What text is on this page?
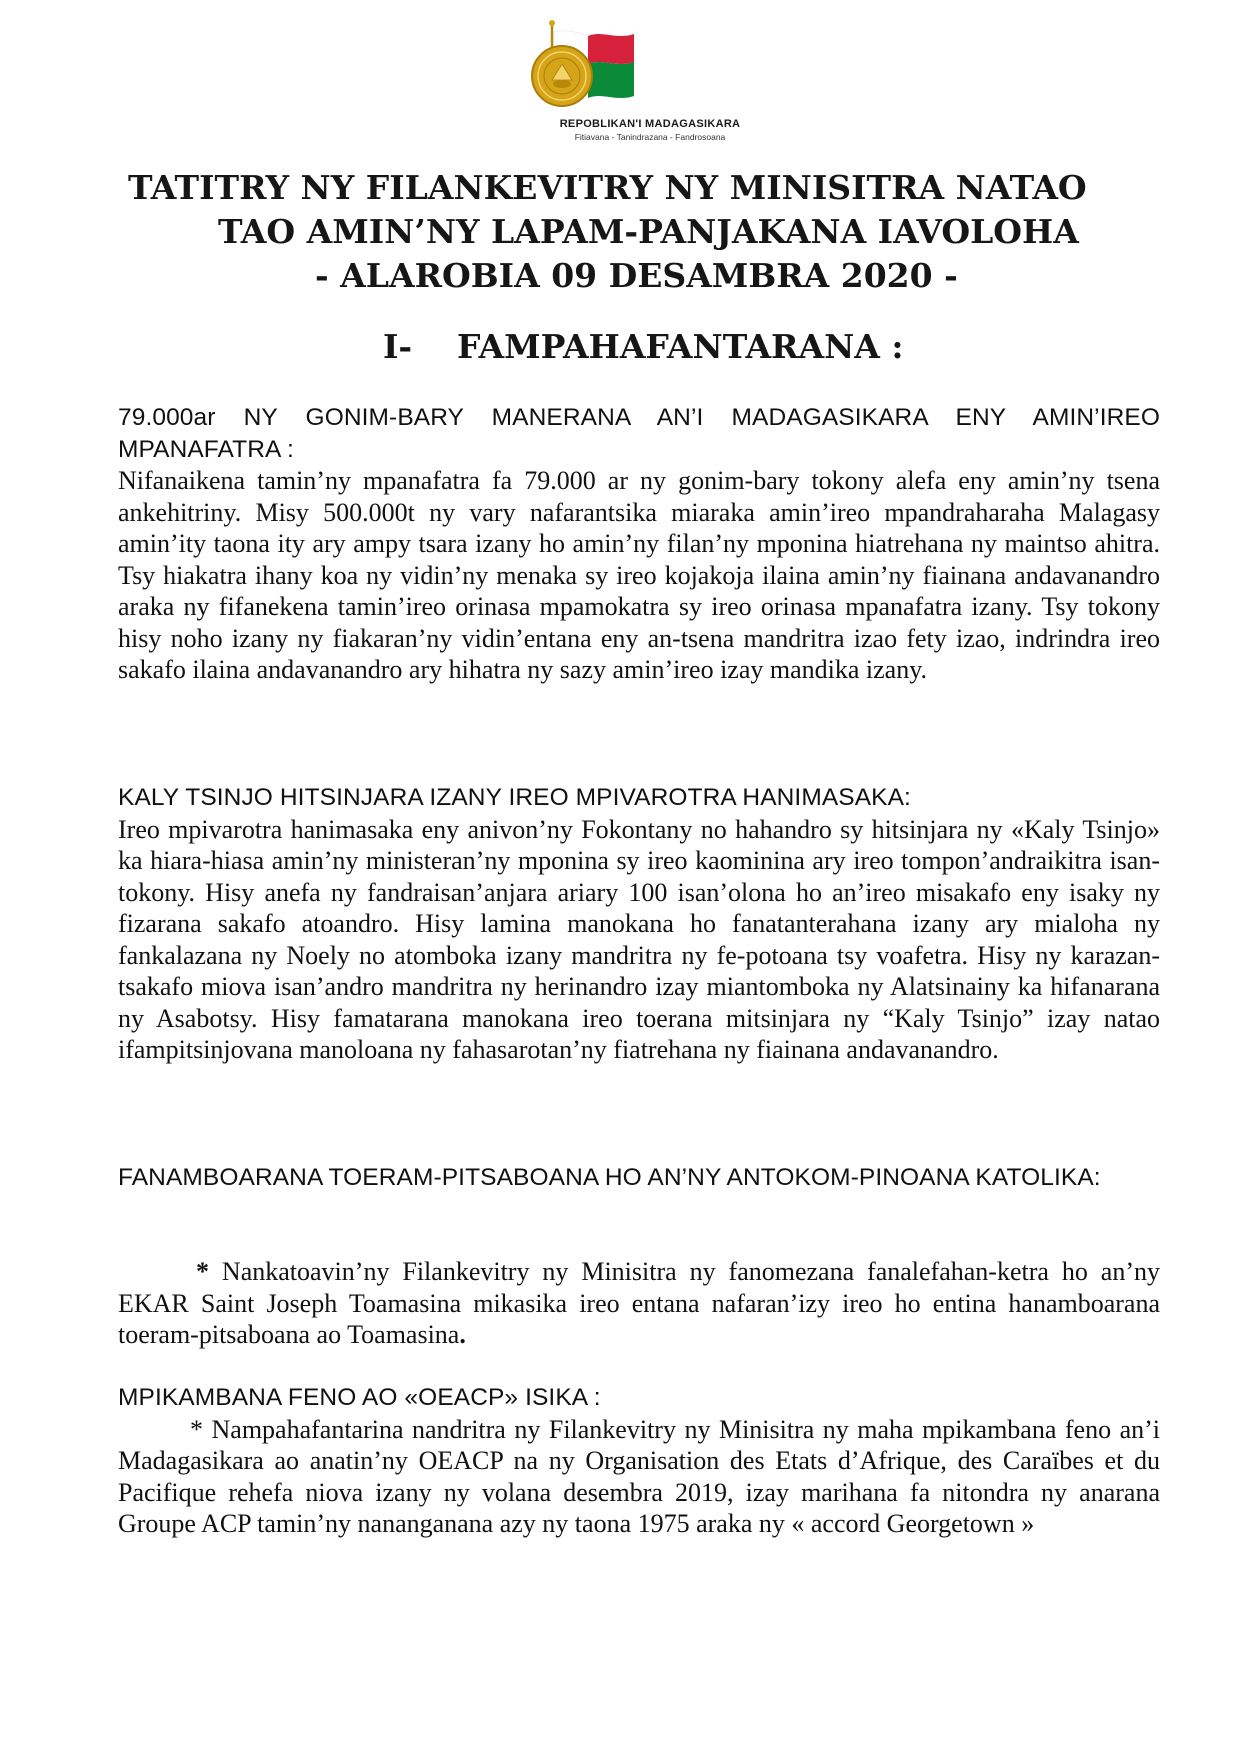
REPOBLIKAN'I MADAGASIKARA
Fitiavana - Tanindrazana - Fandrosoana
TATITRY NY FILANKEVITRY NY MINISITRA NATAO
TAO AMIN’NY LAPAM-PANJAKANA IAVOLOHA
- ALAROBIA 09 DESAMBRA 2020 -
I- FAMPAHAFANTARANA :

79.000ar NY GONIM-BARY MANERANA AN’I MADAGASIKARA ENY AMIN’IREO MPANAFATRA :

Nifanaikena tamin’ny mpanafatra fa 79.000 ar ny gonim-bary tokony alefa eny amin’ny tsena ankehitriny. Misy 500.000t ny vary nafarantsika miaraka amin’ireo mpandraharaha Malagasy amin’ity taona ity ary ampy tsara izany ho amin’ny filan’ny mponina hiatrehana ny maintso ahitra. Tsy hiakatra ihany koa ny vidin’ny menaka sy ireo kojakoja ilaina amin’ny fiainana andavanandro araka ny fifanekena tamin’ireo orinasa mpamokatra sy ireo orinasa mpanafatra izany. Tsy tokony hisy noho izany ny fiakaran’ny vidin’entana eny an-tsena mandritra izao fety izao, indrindra ireo sakafo ilaina andavanandro ary hihatra ny sazy amin’ireo izay mandika izany.

KALY TSINJO HITSINJARA IZANY IREO MPIVAROTRA HANIMASAKA:

Ireo mpivarotra hanimasaka eny anivon’ny Fokontany no hahandro sy hitsinjara ny «Kaly Tsinjo» ka hiara-hiasa amin’ny ministeran’ny mponina sy ireo kaominina ary ireo tompon’andraikitra isan-tokony. Hisy anefa ny fandraisan’anjara ariary 100 isan’olona ho an’ireo misakafo eny isaky ny fizarana sakafo atoandro. Hisy lamina manokana ho fanatanterahana izany ary mialoha ny fankalazana ny Noely no atomboka izany mandritra ny fe-potoana tsy voafetra. Hisy ny karazan-tsakafo miova isan’andro mandritra ny herinandro izay miantomboka ny Alatsinainy ka hifanarana ny Asabotsy. Hisy famatarana manokana ireo toerana mitsinjara ny “Kaly Tsinjo” izay natao ifampitsinjovana manoloana ny fahasarotan’ny fiatrehana ny fiainana andavanandro.

FANAMBOARANA TOERAM-PITSABOANA HO AN’NY ANTOKOM-PINOANA KATOLIKA:

* Nankatoavin’ny Filankevitry ny Minisitra ny fanomezana fanalefahan-ketra ho an’ny EKAR Saint Joseph Toamasina mikasika ireo entana nafaran’izy ireo ho entina hanamboarana toeram-pitsaboana ao Toamasina.

MPIKAMBANA FENO AO «OEACP» ISIKA :

* Nampahafantarina nandritra ny Filankevitry ny Minisitra ny maha mpikambana feno an’i Madagasikara ao anatin’ny OEACP na ny Organisation des Etats d’Afrique, des Caraïbes et du Pacifique rehefa niova izany ny volana desembra 2019, izay marihana fa nitondra ny anarana Groupe ACP tamin’ny nananganana azy ny taona 1975 araka ny « accord Georgetown »
